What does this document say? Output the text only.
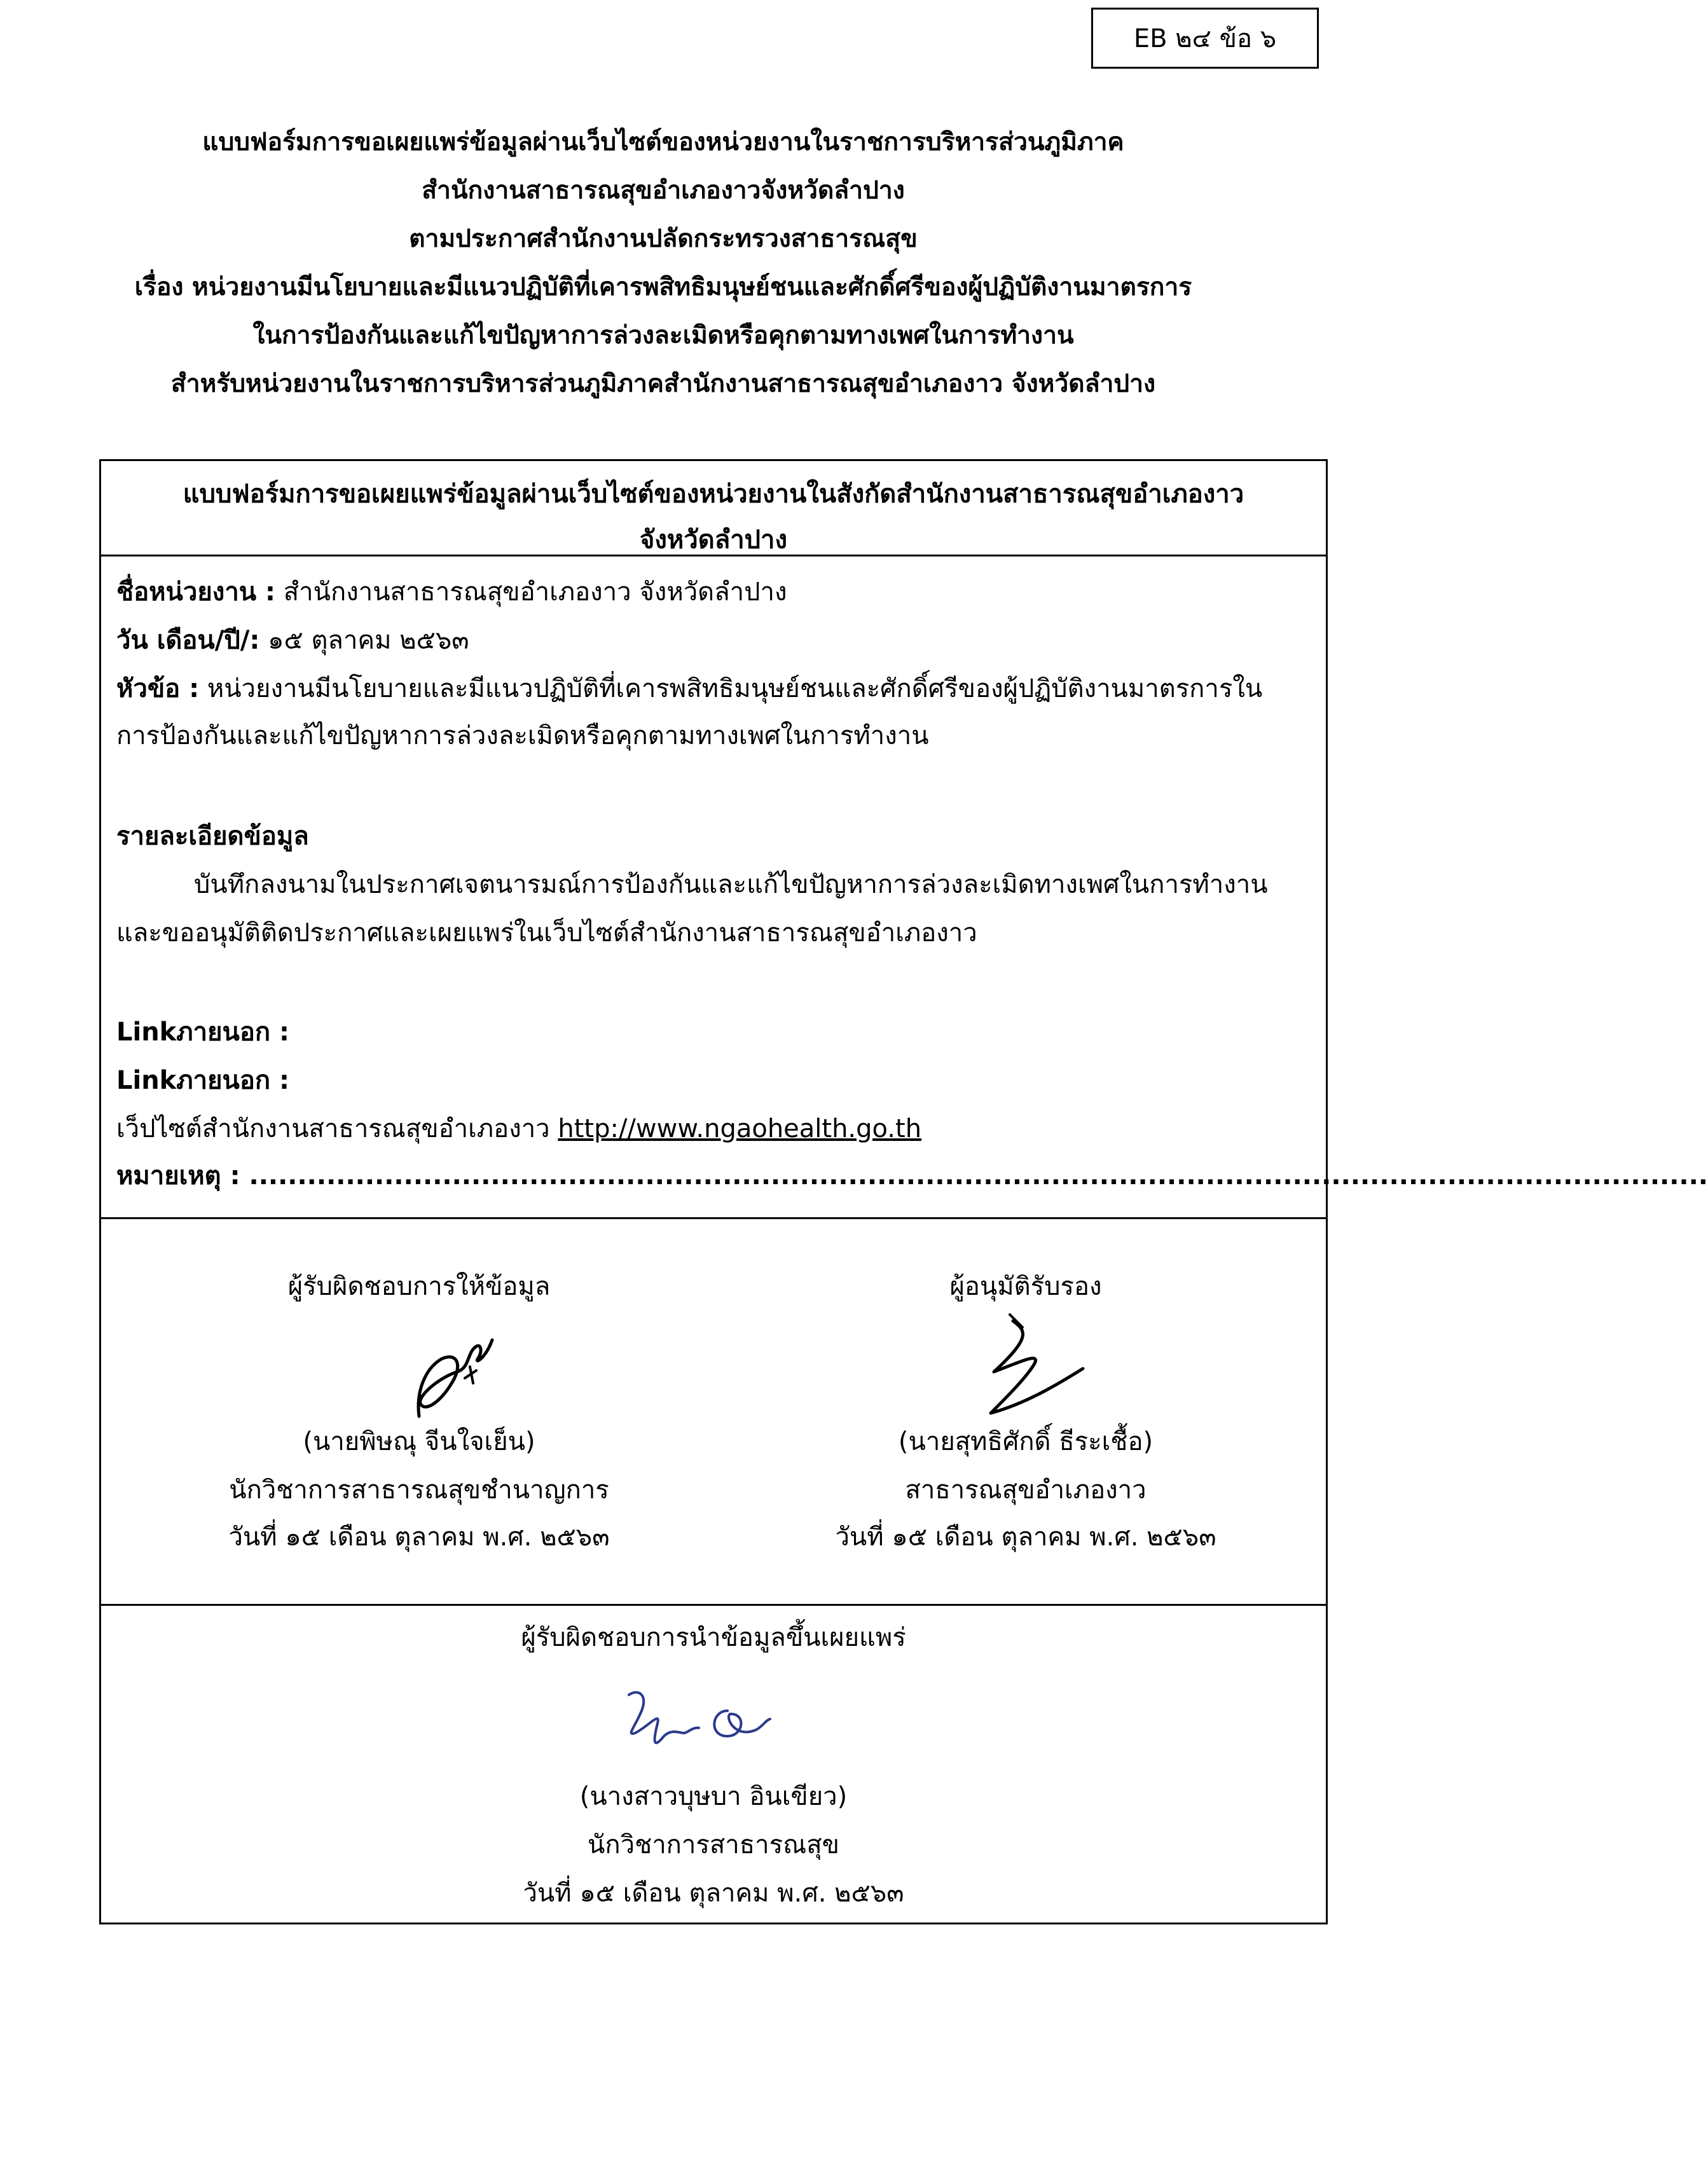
EB ๒๔ ข้อ ๖
แบบฟอร์มการขอเผยแพร่ข้อมูลผ่านเว็บไซต์ของหน่วยงานในราชการบริหารส่วนภูมิภาค
สำนักงานสาธารณสุขอำเภองาวจังหวัดลำปาง
ตามประกาศสำนักงานปลัดกระทรวงสาธารณสุข
เรื่อง หน่วยงานมีนโยบายและมีแนวปฏิบัติที่เคารพสิทธิมนุษย์ชนและศักดิ์ศรีของผู้ปฏิบัติงานมาตรการ
ในการป้องกันและแก้ไขปัญหาการล่วงละเมิดหรือคุกตามทางเพศในการทำงาน
สำหรับหน่วยงานในราชการบริหารส่วนภูมิภาคสำนักงานสาธารณสุขอำเภองาว จังหวัดลำปาง
แบบฟอร์มการขอเผยแพร่ข้อมูลผ่านเว็บไซต์ของหน่วยงานในสังกัดสำนักงานสาธารณสุขอำเภองาว
จังหวัดลำปาง
ชื่อหน่วยงาน : สำนักงานสาธารณสุขอำเภองาว จังหวัดลำปาง
วัน เดือน/ปี/: ๑๕ ตุลาคม ๒๕๖๓
หัวข้อ : หน่วยงานมีนโยบายและมีแนวปฏิบัติที่เคารพสิทธิมนุษย์ชนและศักดิ์ศรีของผู้ปฏิบัติงานมาตรการใน
การป้องกันและแก้ไขปัญหาการล่วงละเมิดหรือคุกตามทางเพศในการทำงาน
รายละเอียดข้อมูล
บันทึกลงนามในประกาศเจตนารมณ์การป้องกันและแก้ไขปัญหาการล่วงละเมิดทางเพศในการทำงาน
และขออนุมัติติดประกาศและเผยแพร่ในเว็บไซต์สำนักงานสาธารณสุขอำเภองาว
Linkภายนอก :
Linkภายนอก :
เว็ปไซต์สำนักงานสาธารณสุขอำเภองาว http://www.ngaohealth.go.th
หมายเหตุ : .......................................................................................................................................................
ผู้รับผิดชอบการให้ข้อมูล
(นายพิษณุ จีนใจเย็น)
นักวิชาการสาธารณสุขชำนาญการ
วันที่ ๑๕ เดือน ตุลาคม พ.ศ. ๒๕๖๓
ผู้อนุมัติรับรอง
(นายสุทธิศักดิ์ ธีระเชื้อ)
สาธารณสุขอำเภองาว
วันที่ ๑๕ เดือน ตุลาคม พ.ศ. ๒๕๖๓
ผู้รับผิดชอบการนำข้อมูลขึ้นเผยแพร่
(นางสาวบุษบา อินเขียว)
นักวิชาการสาธารณสุข
วันที่ ๑๕ เดือน ตุลาคม พ.ศ. ๒๕๖๓
